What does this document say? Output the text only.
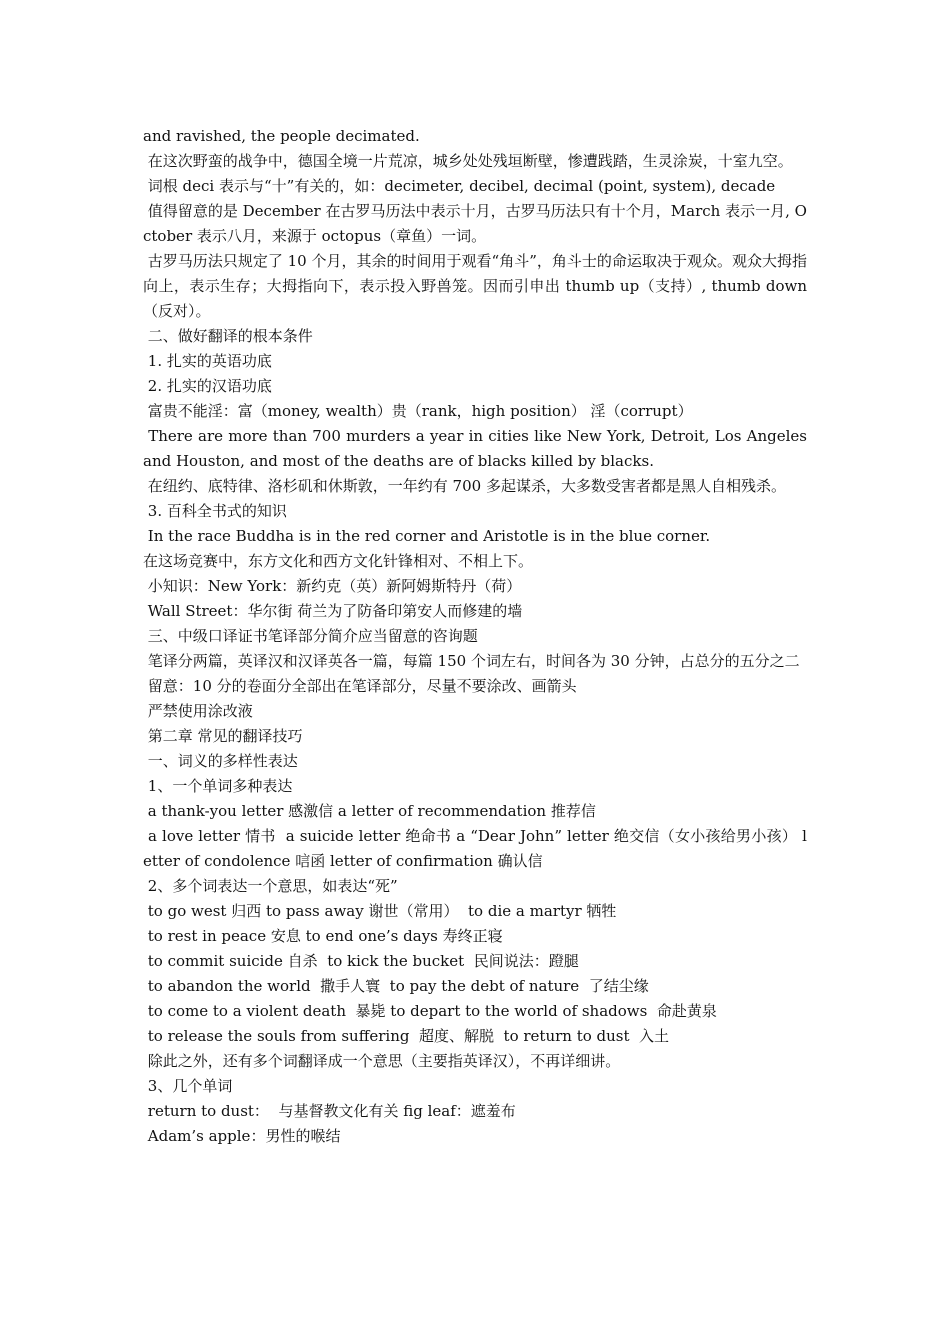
and ravished, the people decimated.

在这次野蛮的战争中，德国全境一片荒凉，城乡处处残垣断壁，惨遭践踏，生灵涂炭，十室九空。

词根 deci 表示与“十”有关的，如：decimeter, decibel, decimal (point, system), decade

值得留意的是 December 在古罗马历法中表示十月，古罗马历法只有十个月，March 表示一月, October 表示八月，来源于 octopus（章鱼）一词。

古罗马历法只规定了 10 个月，其余的时间用于观看“角斗”，角斗士的命运取决于观众。观众大拇指向上，表示生存；大拇指向下，表示投入野兽笼。因而引申出 thumb up（支持）, thumb down（反对）。

二、做好翻译的根本条件

1. 扎实的英语功底

2. 扎实的汉语功底

富贵不能淫：富（money, wealth）贵（rank，high position） 淫（corrupt）

There are more than 700 murders a year in cities like New York, Detroit, Los Angeles and Houston, and most of the deaths are of blacks killed by blacks.

在纽约、底特律、洛杉矶和休斯敦，一年约有 700 多起谋杀，大多数受害者都是黑人自相残杀。

3. 百科全书式的知识

In the race Buddha is in the red corner and Aristotle is in the blue corner.

在这场竞赛中，东方文化和西方文化针锋相对、不相上下。

小知识：New York：新约克（英）新阿姆斯特丹（荷）

Wall Street：华尔街 荷兰为了防备印第安人而修建的墙

三、中级口译证书笔译部分简介应当留意的咨询题

笔译分两篇，英译汉和汉译英各一篇，每篇 150 个词左右，时间各为 30 分钟，占总分的五分之二

留意：10 分的卷面分全部出在笔译部分，尽量不要涂改、画箭头

严禁使用涂改液

第二章 常见的翻译技巧

一、词义的多样性表达

1、一个单词多种表达

a thank-you letter 感激信 a letter of recommendation 推荐信

a love letter 情书  a suicide letter 绝命书 a “Dear John” letter 绝交信（女小孩给男小孩） letter of condolence 唁函 letter of confirmation 确认信

2、多个词表达一个意思，如表达“死”

to go west 归西 to pass away 谢世（常用）  to die a martyr 牺牲

to rest in peace 安息 to end one’s days 寿终正寝

to commit suicide 自杀  to kick the bucket  民间说法：蹬腿

to abandon the world  撒手人寰  to pay the debt of nature  了结尘缘

to come to a violent death  暴毙 to depart to the world of shadows  命赴黄泉

to release the souls from suffering  超度、解脱  to return to dust  入土

除此之外，还有多个词翻译成一个意思（主要指英译汉），不再详细讲。

3、几个单词

return to dust：  与基督教文化有关 fig leaf：遮羞布

Adam’s apple：男性的喉结
